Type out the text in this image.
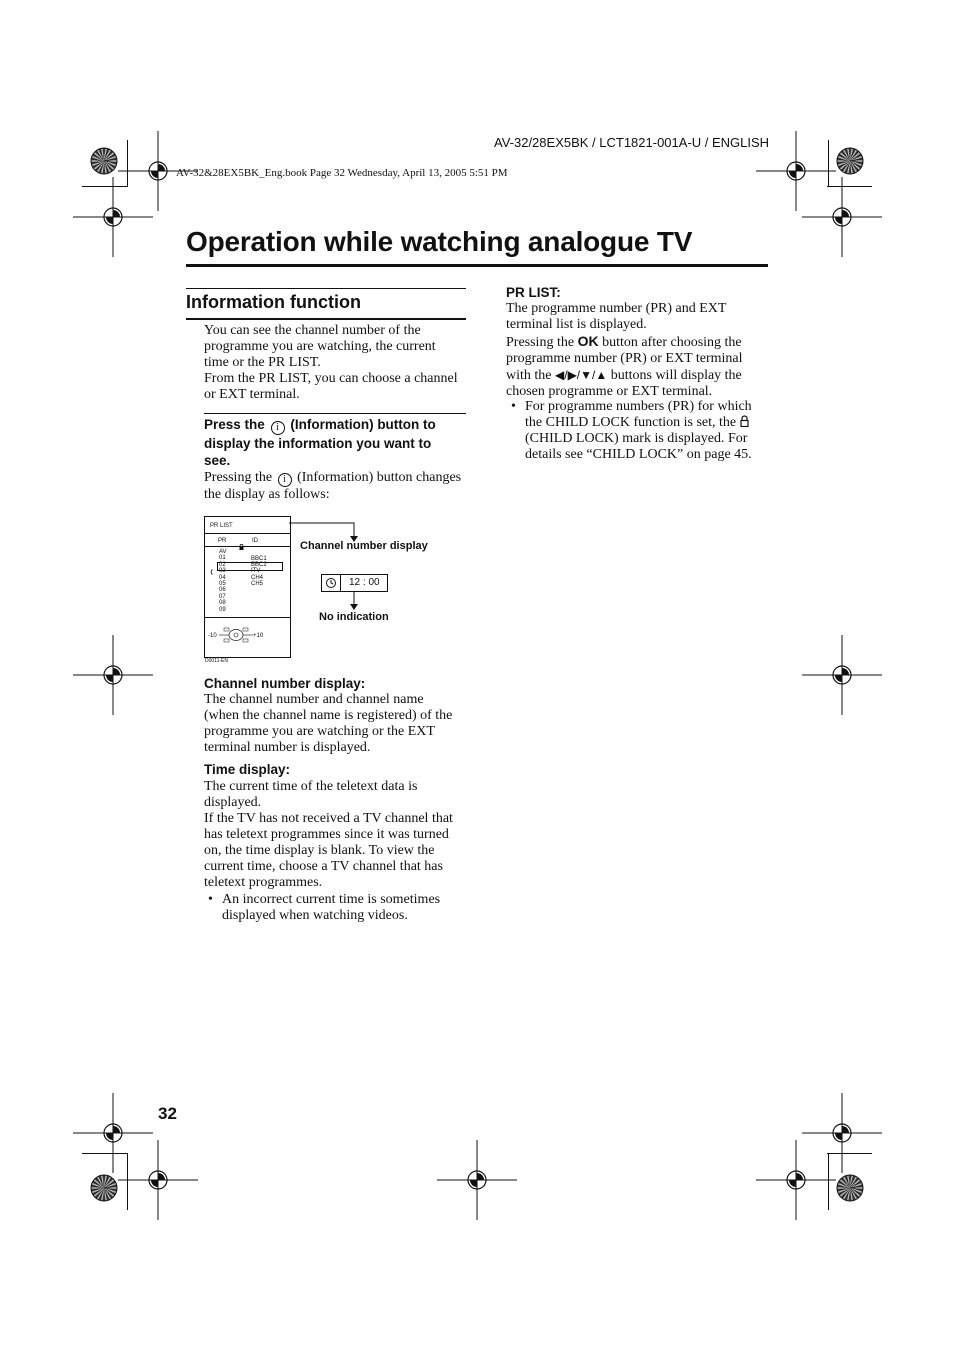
AV-32/28EX5BK / LCT1821-001A-U / ENGLISH
AV-32&28EX5BK_Eng.book Page 32 Wednesday, April 13, 2005 5:51 PM
Operation while watching analogue TV
Information function
You can see the channel number of the
programme you are watching, the current
time or the PR LIST.
From the PR LIST, you can choose a channel
or EXT terminal.
Press the i (Information) button to
display the information you want to
see.
Pressing the i (Information) button changes
the display as follows:
PR LIST
PR	ID
AV
01
02
03
04
05
06
07
08
09
BBC1
BBC2
ITV
CH4
CH5
-10	+10
D0011-EN
Channel number display
12 : 00
No indication
Channel number display:
The channel number and channel name
(when the channel name is registered) of the
programme you are watching or the EXT
terminal number is displayed.
Time display:
The current time of the teletext data is
displayed.
If the TV has not received a TV channel that
has teletext programmes since it was turned
on, the time display is blank. To view the
current time, choose a TV channel that has
teletext programmes.
• An incorrect current time is sometimes
displayed when watching videos.
PR LIST:
The programme number (PR) and EXT
terminal list is displayed.
Pressing the OK button after choosing the
programme number (PR) or EXT terminal
with the ◀/▶/▼/▲ buttons will display the
chosen programme or EXT terminal.
• For programme numbers (PR) for which
the CHILD LOCK function is set, the
(CHILD LOCK) mark is displayed. For
details see “CHILD LOCK” on page 45.
32
